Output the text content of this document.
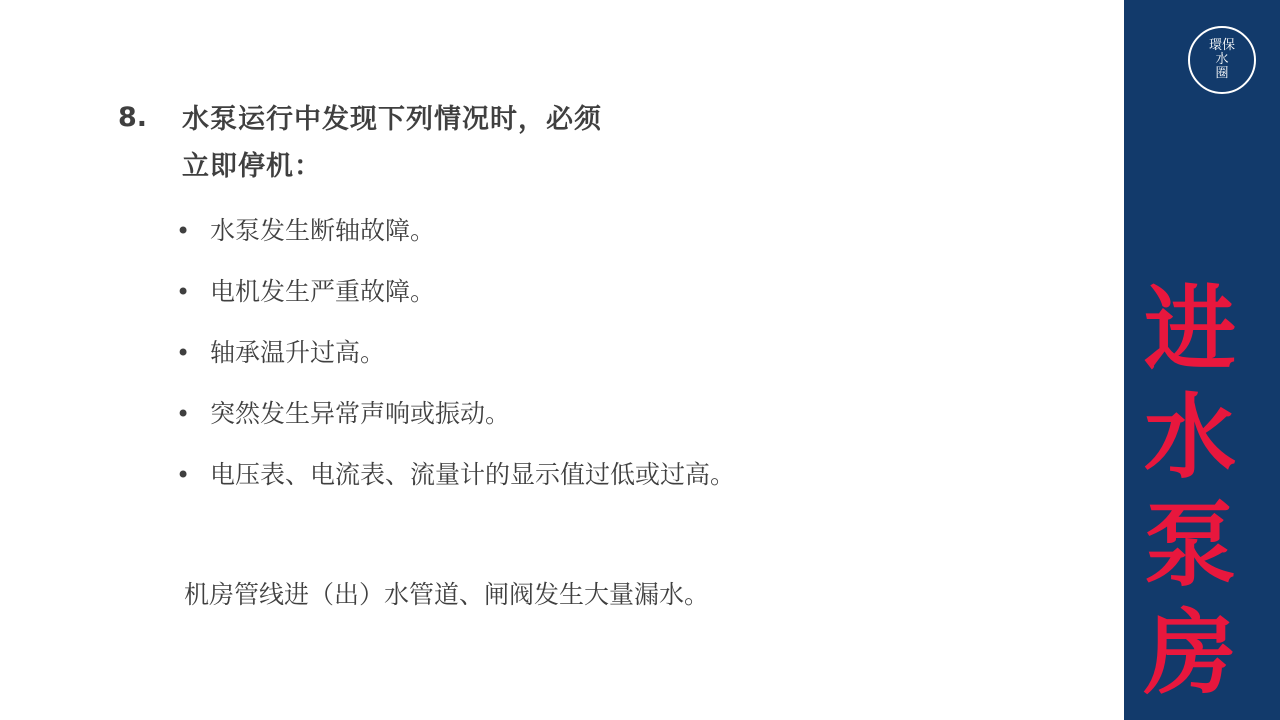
環保
水
圈
进
水
泵
房
8.	水泵运行中发现下列情况时，必须
立即停机：
• 水泵发生断轴故障。
• 电机发生严重故障。
• 轴承温升过高。
• 突然发生异常声响或振动。
• 电压表、电流表、流量计的显示值过低或过高。
机房管线进（出）水管道、闸阀发生大量漏水。
